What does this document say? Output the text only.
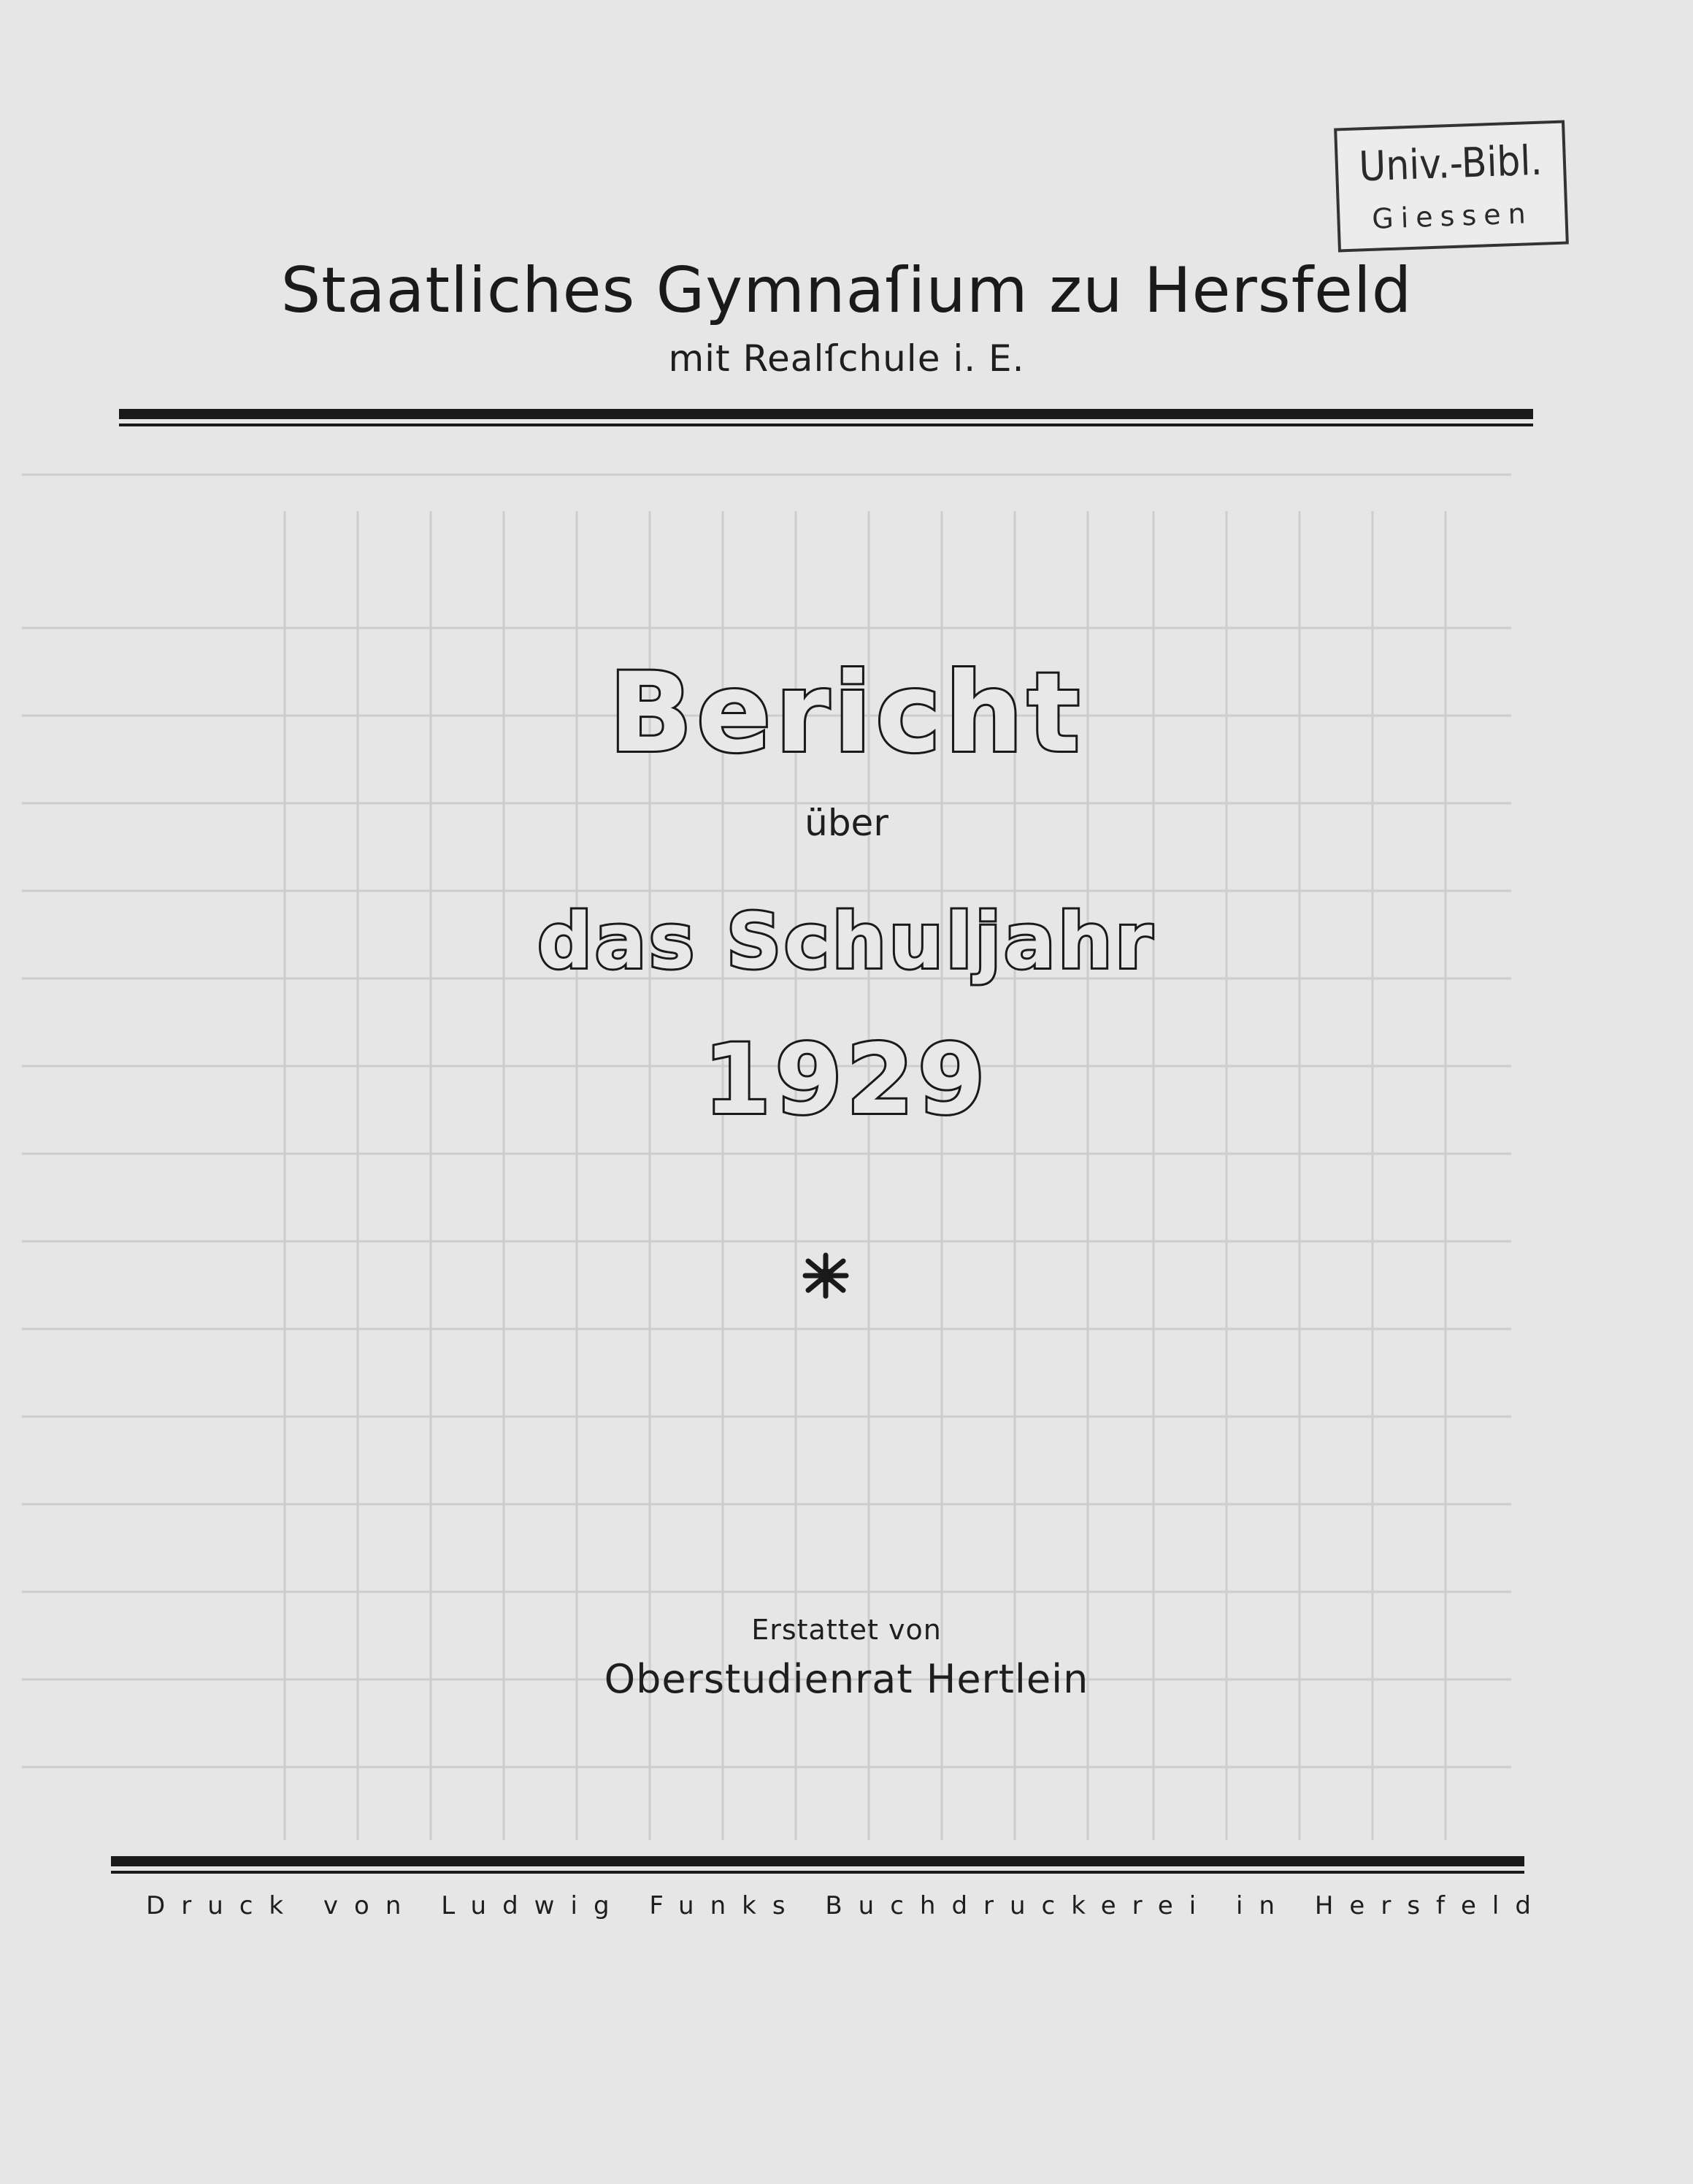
Univ.-Bibl.
Giessen
Staatliches Gymnaſium zu Hersfeld
mit Realſchule i. E.
Bericht
über
das Schuljahr
1929
Erstattet von
Oberstudienrat Hertlein
Druck von Ludwig Funks Buchdruckerei in Hersfeld
